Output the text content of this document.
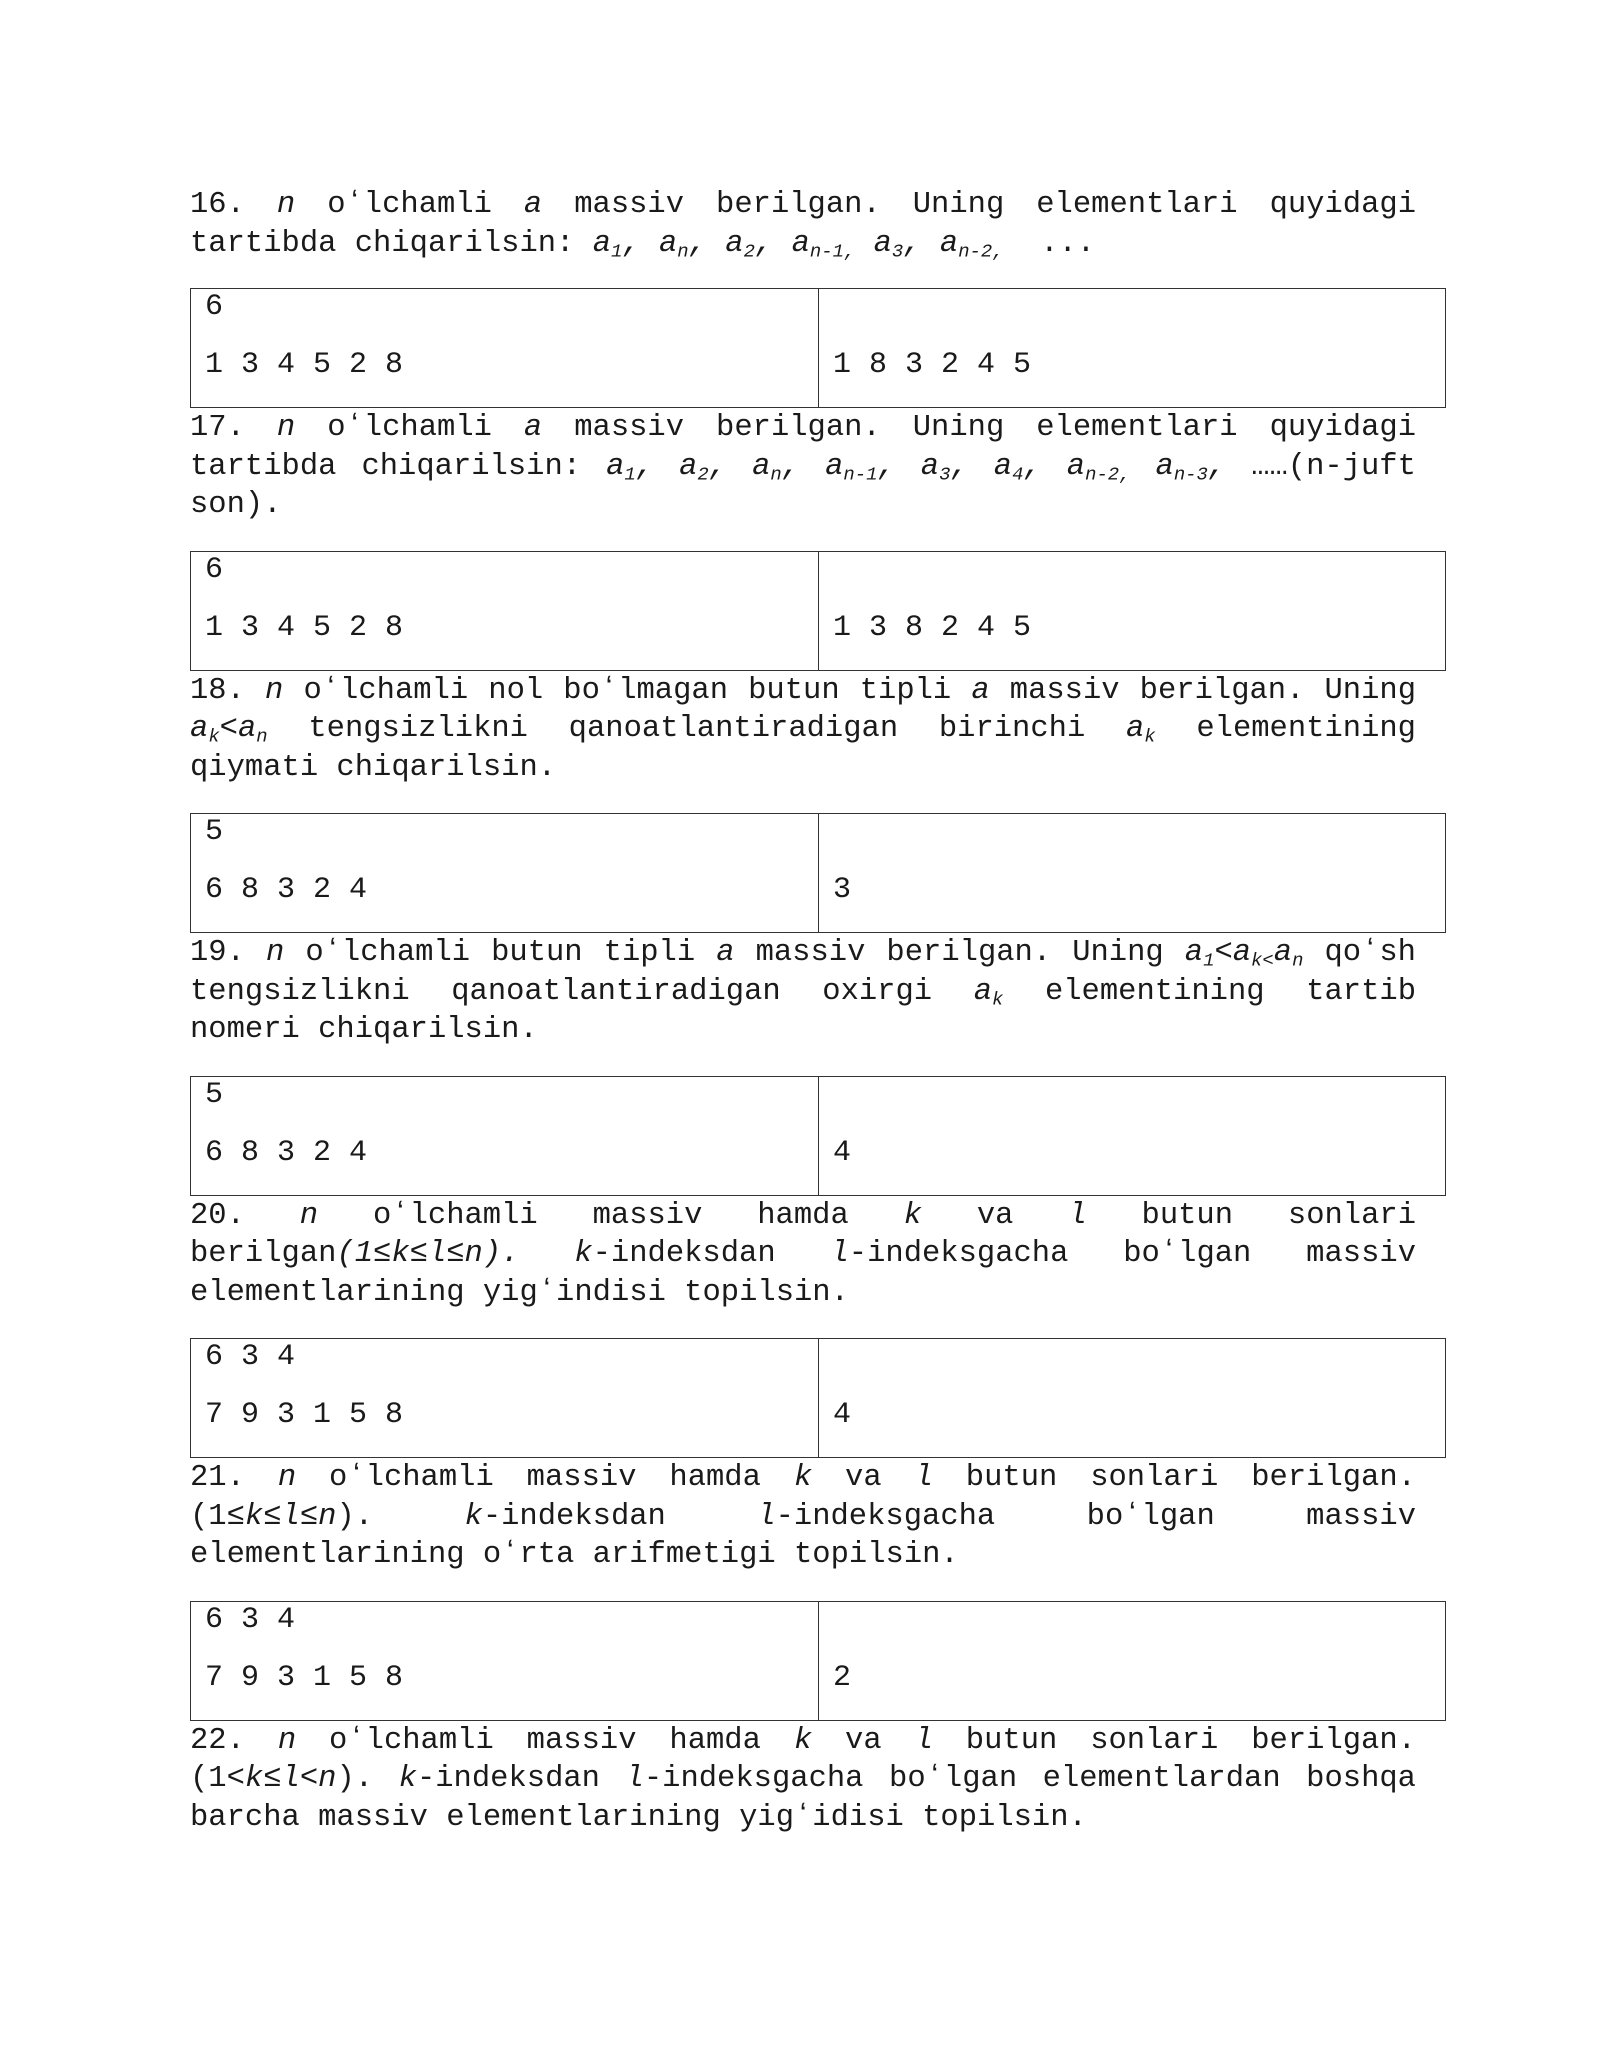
16. n oʻlchamli a massiv berilgan. Uning elementlari quyidagi tartibda chiqarilsin: $a_1$, $a_n$, $a_2$, $a_{n-1,}$ $a_3$, $a_{n-2,}$ ...

6
1 3 4 5 2 8	1 8 3 2 4 5

17. n oʻlchamli a massiv berilgan. Uning elementlari quyidagi tartibda chiqarilsin: $a_1$, $a_2$, $a_n$, $a_{n-1}$, $a_3$, $a_4$, $a_{n-2,}$ $a_{n-3}$, ……(n-juft son).

6
1 3 4 5 2 8	1 3 8 2 4 5

18. n oʻlchamli nol boʻlmagan butun tipli a massiv berilgan. Uning $a_k<a_n$ tengsizlikni qanoatlantiradigan birinchi $a_k$ elementining qiymati chiqarilsin.

5
6 8 3 2 4	3

19. n oʻlchamli butun tipli a massiv berilgan. Uning $a_1<a_{k<}a_n$ qoʻsh tengsizlikni qanoatlantiradigan oxirgi $a_k$ elementining tartib nomeri chiqarilsin.

5
6 8 3 2 4	4

20. n oʻlchamli massiv hamda k va l butun sonlari berilgan(1≤k≤l≤n). k-indeksdan l-indeksgacha boʻlgan massiv elementlarining yigʻindisi topilsin.

6 3 4
7 9 3 1 5 8	4

21. n oʻlchamli massiv hamda k va l butun sonlari berilgan. (1≤k≤l≤n).	k-indeksdan	l-indeksgacha boʻlgan massiv elementlarining oʻrta arifmetigi topilsin.

6 3 4
7 9 3 1 5 8	2

22. n oʻlchamli massiv hamda k va l butun sonlari berilgan. (1<k≤l<n). k-indeksdan l-indeksgacha boʻlgan elementlardan boshqa barcha massiv elementlarining yigʻidisi topilsin.
